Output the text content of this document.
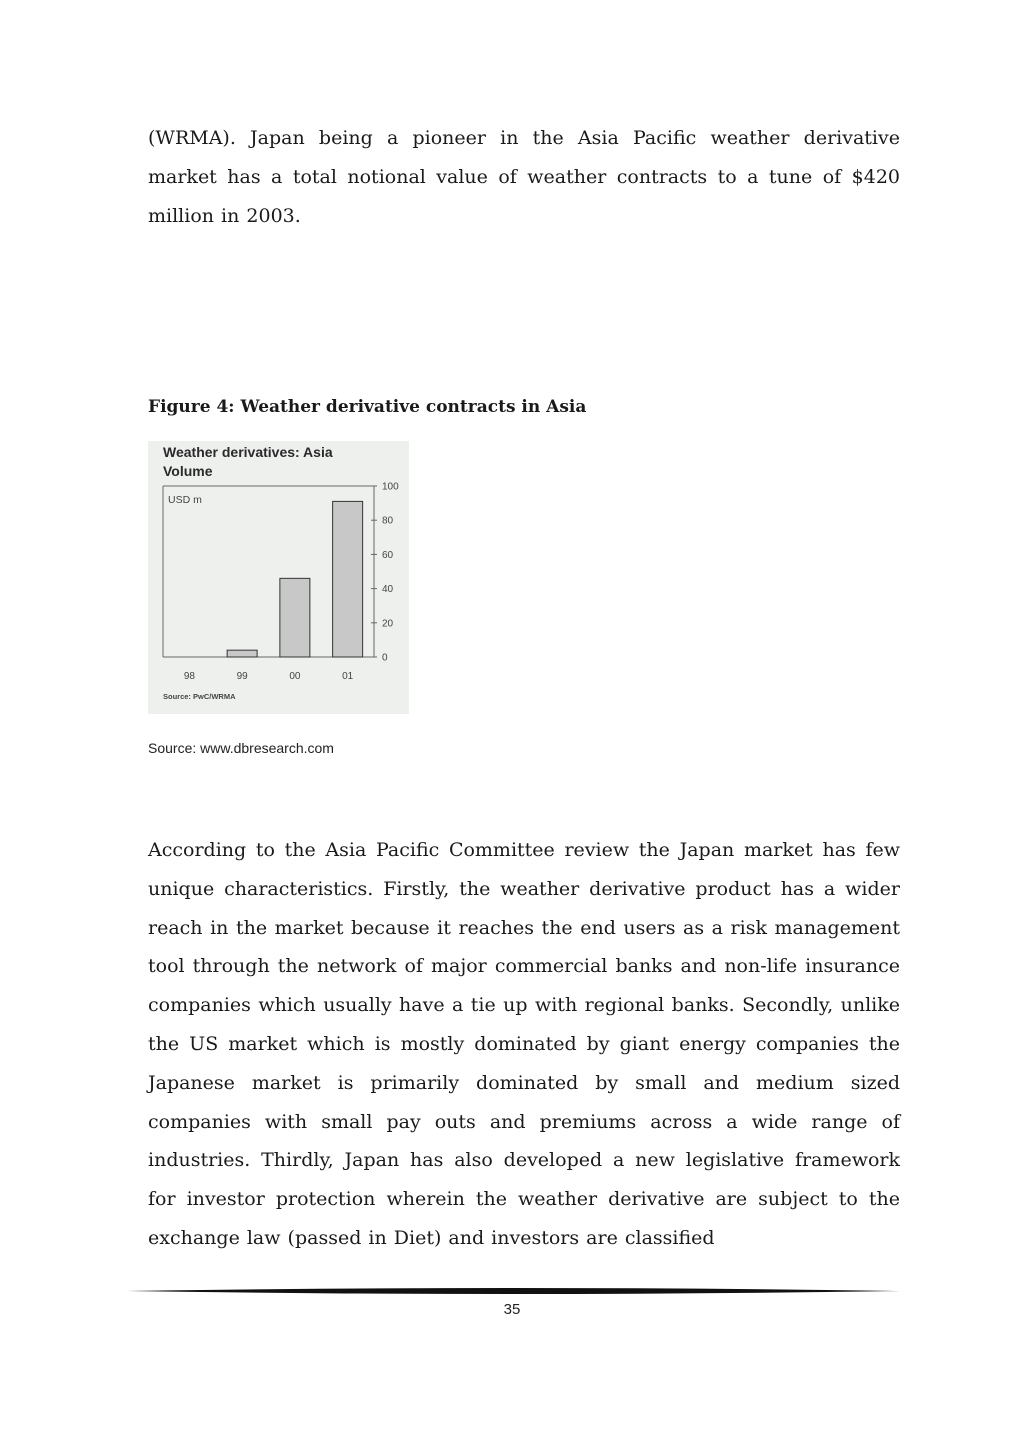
(WRMA). Japan being a pioneer in the Asia Pacific weather derivative market has a total notional value of weather contracts to a tune of $420 million in 2003.

Figure 4: Weather derivative contracts in Asia

Weather derivatives: Asia
Volume
USD m
0
20
40
60
80
100
98	99	00	01
Source: PwC/WRMA

Source: www.dbresearch.com

According to the Asia Pacific Committee review the Japan market has few unique characteristics. Firstly, the weather derivative product has a wider reach in the market because it reaches the end users as a risk management tool through the network of major commercial banks and non-life insurance companies which usually have a tie up with regional banks. Secondly, unlike the US market which is mostly dominated by giant energy companies the Japanese market is primarily dominated by small and medium sized companies with small pay outs and premiums across a wide range of industries. Thirdly, Japan has also developed a new legislative framework for investor protection wherein the weather derivative are subject to the exchange law (passed in Diet) and investors are classified

35
